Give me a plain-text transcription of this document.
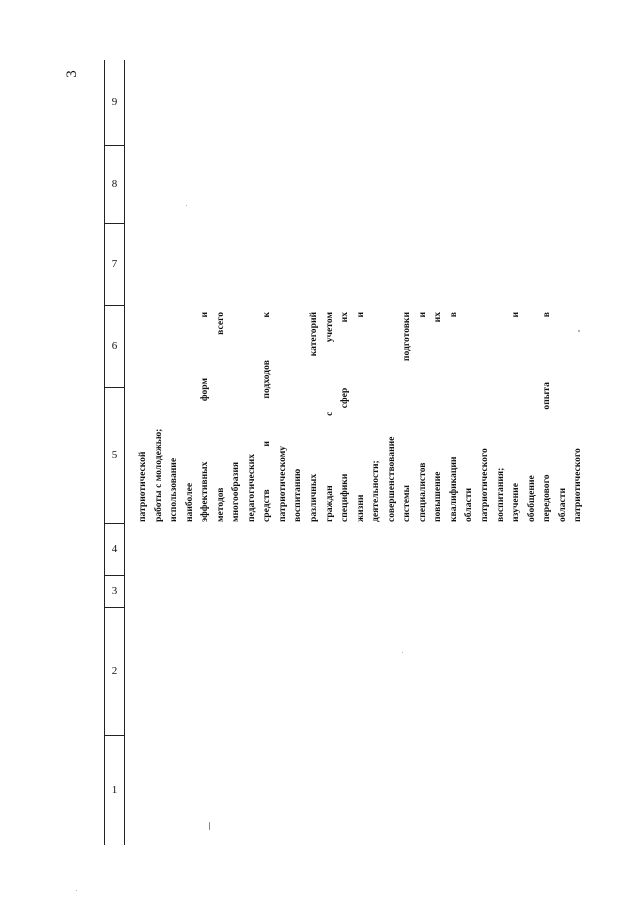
3
1
2
3
4
5
6
7
8
9
патриотической работы с молодежью; использование наиболее эффективных форм и методов всего многообразия педагогических средств и подходов к патриотическому воспитанию различных категорий граждан с учетом специфики сфер их жизни и деятельности; совершенствование системы подготовки специалистов и повышение их квалификации в области патриотического воспитания; изучение и обобщение передового опыта в области патриотического
